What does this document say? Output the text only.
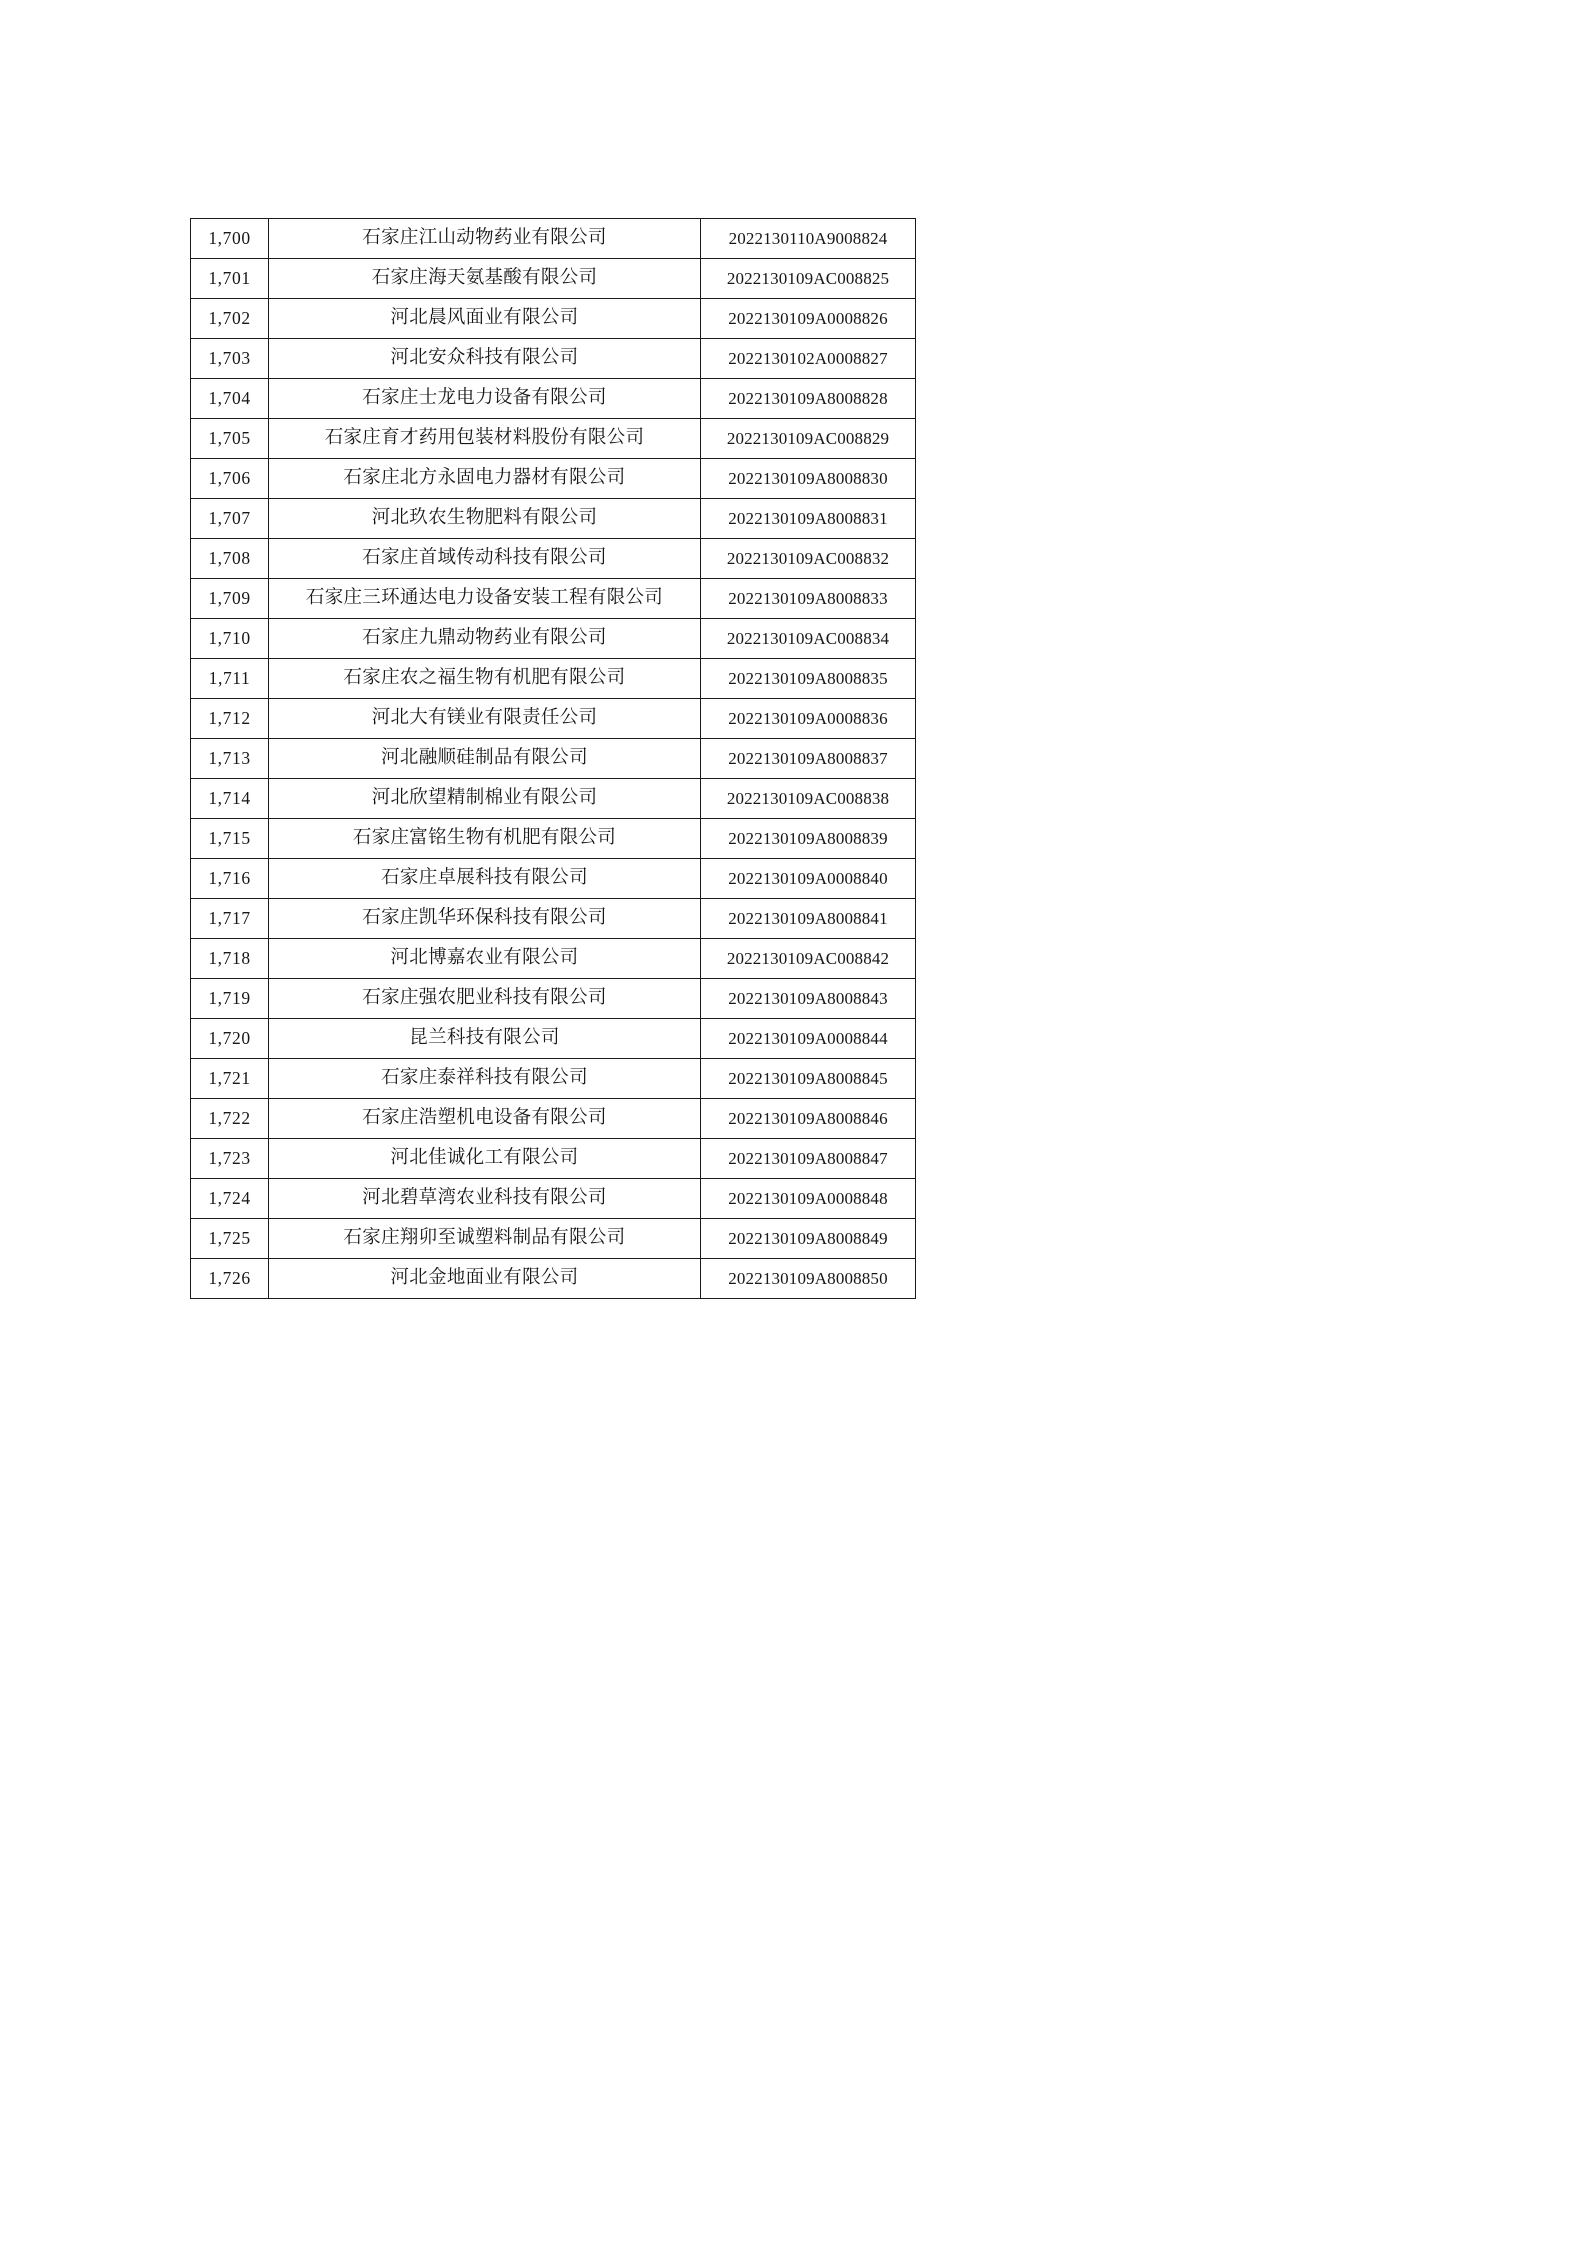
1,700	石家庄江山动物药业有限公司	2022130110A9008824
1,701	石家庄海天氨基酸有限公司	2022130109AC008825
1,702	河北晨风面业有限公司	2022130109A0008826
1,703	河北安众科技有限公司	2022130102A0008827
1,704	石家庄士龙电力设备有限公司	2022130109A8008828
1,705	石家庄育才药用包装材料股份有限公司	2022130109AC008829
1,706	石家庄北方永固电力器材有限公司	2022130109A8008830
1,707	河北玖农生物肥料有限公司	2022130109A8008831
1,708	石家庄首域传动科技有限公司	2022130109AC008832
1,709	石家庄三环通达电力设备安装工程有限公司	2022130109A8008833
1,710	石家庄九鼎动物药业有限公司	2022130109AC008834
1,711	石家庄农之福生物有机肥有限公司	2022130109A8008835
1,712	河北大有镁业有限责任公司	2022130109A0008836
1,713	河北融顺硅制品有限公司	2022130109A8008837
1,714	河北欣望精制棉业有限公司	2022130109AC008838
1,715	石家庄富铭生物有机肥有限公司	2022130109A8008839
1,716	石家庄卓展科技有限公司	2022130109A0008840
1,717	石家庄凯华环保科技有限公司	2022130109A8008841
1,718	河北博嘉农业有限公司	2022130109AC008842
1,719	石家庄强农肥业科技有限公司	2022130109A8008843
1,720	昆兰科技有限公司	2022130109A0008844
1,721	石家庄泰祥科技有限公司	2022130109A8008845
1,722	石家庄浩塑机电设备有限公司	2022130109A8008846
1,723	河北佳诚化工有限公司	2022130109A8008847
1,724	河北碧草湾农业科技有限公司	2022130109A0008848
1,725	石家庄翔卯至诚塑料制品有限公司	2022130109A8008849
1,726	河北金地面业有限公司	2022130109A8008850
